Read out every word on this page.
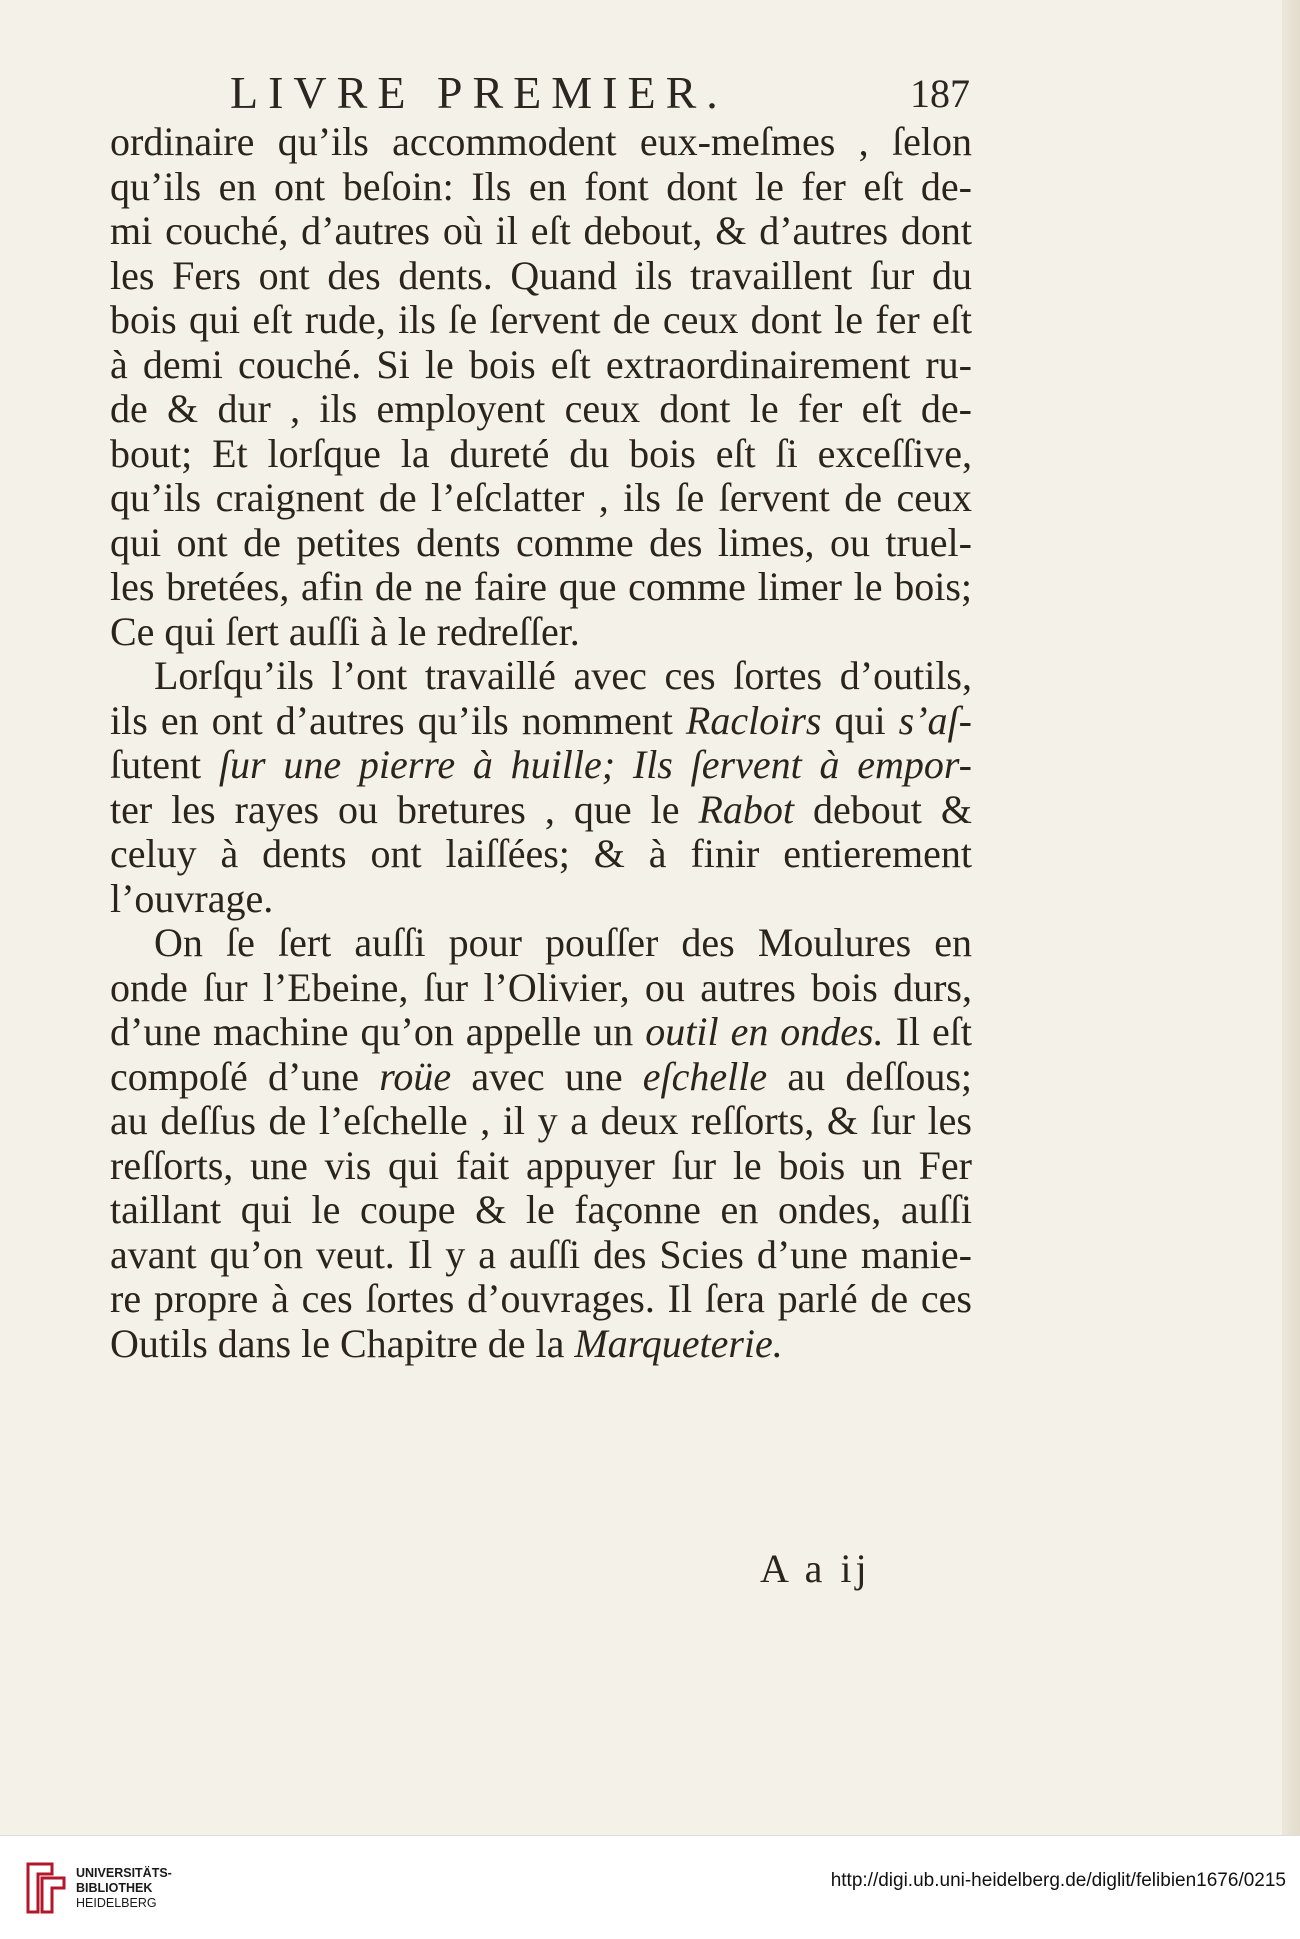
LIVRE PREMIER.	187
ordinaire qu’ils accommodent eux-meſmes , ſelon
qu’ils en ont beſoin: Ils en font dont le fer eſt de-
mi couché, d’autres où il eſt debout, & d’autres dont
les Fers ont des dents. Quand ils travaillent ſur du
bois qui eſt rude, ils ſe ſervent de ceux dont le fer eſt
à demi couché. Si le bois eſt extraordinairement ru-
de & dur , ils employent ceux dont le fer eſt de-
bout; Et lorſque la dureté du bois eſt ſi exceſſive,
qu’ils craignent de l’eſclatter , ils ſe ſervent de ceux
qui ont de petites dents comme des limes, ou truel-
les bretées, afin de ne faire que comme limer le bois;
Ce qui ſert auſſi à le redreſſer.
Lorſqu’ils l’ont travaillé avec ces ſortes d’outils,
ils en ont d’autres qu’ils nomment Racloirs qui s’aſ-
ſutent ſur une pierre à huille; Ils ſervent à empor-
ter les rayes ou bretures , que le Rabot debout &
celuy à dents ont laiſſées; & à finir entierement
l’ouvrage.
On ſe ſert auſſi pour pouſſer des Moulures en
onde ſur l’Ebeine, ſur l’Olivier, ou autres bois durs,
d’une machine qu’on appelle un outil en ondes. Il eſt
compoſé d’une roüe avec une eſchelle au deſſous;
au deſſus de l’eſchelle , il y a deux reſſorts, & ſur les
reſſorts, une vis qui fait appuyer ſur le bois un Fer
taillant qui le coupe & le façonne en ondes, auſſi
avant qu’on veut. Il y a auſſi des Scies d’une manie-
re propre à ces ſortes d’ouvrages. Il ſera parlé de ces
Outils dans le Chapitre de la Marqueterie.
A a ij
UNIVERSITÄTS-
BIBLIOTHEK
HEIDELBERG
http://digi.ub.uni-heidelberg.de/diglit/felibien1676/0215
